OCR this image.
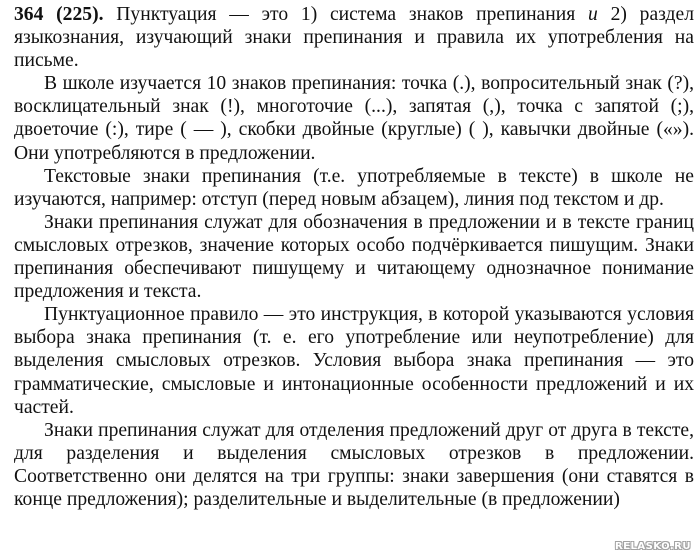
364 (225). Пунктуация — это 1) система знаков препинания и 2) раздел языкознания, изучающий знаки препинания и правила их употребления на письме.

В школе изучается 10 знаков препинания: точка (.), вопросительный знак (?), восклицательный знак (!), многоточие (...), запятая (,), точка с запятой (;), двоеточие (:), тире ( — ), скобки двойные (круглые) ( ), кавычки двойные («»). Они употребляются в предложении.

Текстовые знаки препинания (т.е. употребляемые в тексте) в школе не изучаются, например: отступ (перед новым абзацем), линия под текстом и др.

Знаки препинания служат для обозначения в предложении и в тексте границ смысловых отрезков, значение которых особо подчёркивается пишущим. Знаки препинания обеспечивают пишущему и читающему однозначное понимание предложения и текста.

Пунктуационное правило — это инструкция, в которой указываются условия выбора знака препинания (т. е. его употребление или неупотребление) для выделения смысловых отрезков. Условия выбора знака препинания — это грамматические, смысловые и интонационные особенности предложений и их частей.

Знаки препинания служат для отделения предложений друг от друга в тексте, для разделения и выделения смысловых отрезков в предложении. Соответственно они делятся на три группы: знаки завершения (они ставятся в конце предложения); разделительные и выделительные (в предложении)

RELASKO.RU
